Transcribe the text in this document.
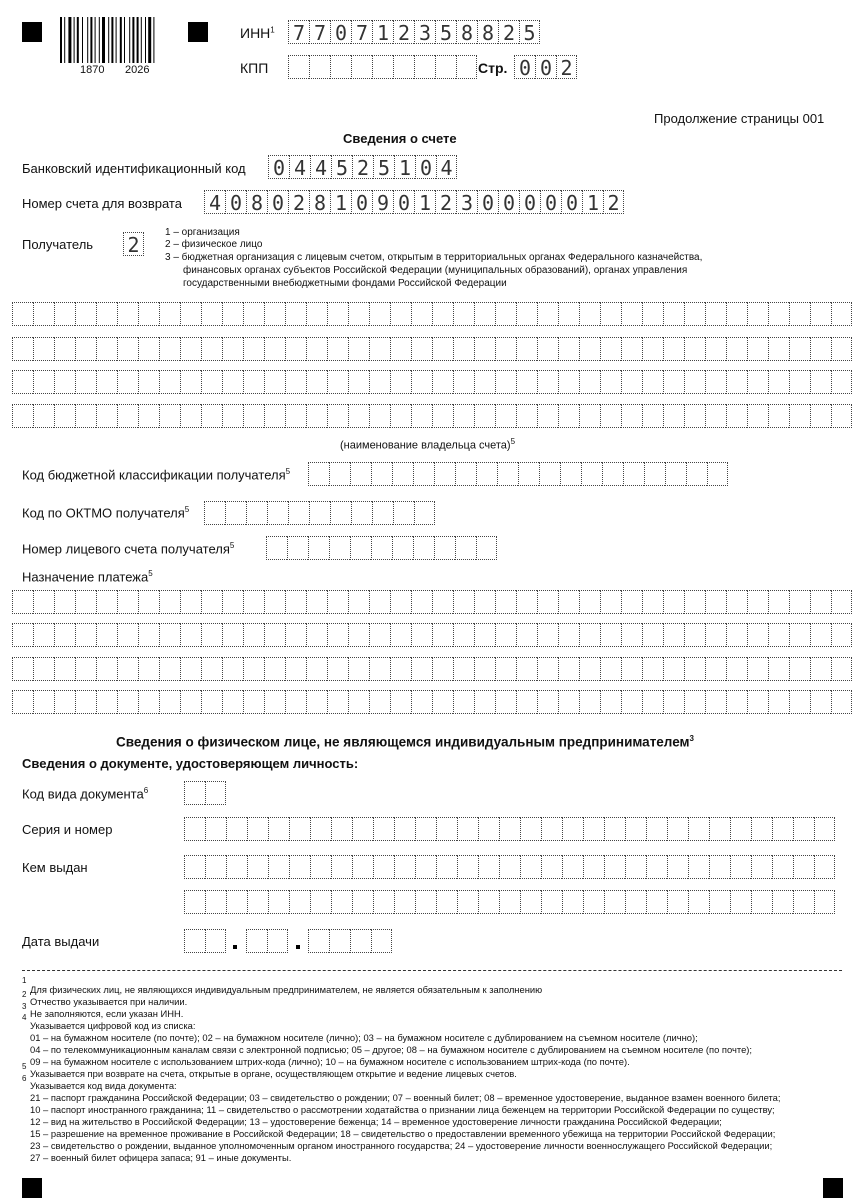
1870 2026
ИНН$^1$ 7 7 0 7 1 2 3 5 8 8 2 5
КПП	Стр. 0 0 2
Продолжение страницы 001
Сведения о счете
Банковский идентификационный код 0 4 4 5 2 5 1 0 4
Номер счета для возврата 4 0 8 0 2 8 1 0 9 0 1 2 3 0 0 0 0 0 1 2
Получатель 2
1 – организация
2 – физическое лицо
3 – бюджетная организация с лицевым счетом, открытым в территориальных органах Федерального казначейства,
финансовых органах субъектов Российской Федерации (муниципальных образований), органах управления
государственными внебюджетными фондами Российской Федерации
(наименование владельца счета)$^5$
Код бюджетной классификации получателя$^5$
Код по ОКТМО получателя$^5$
Номер лицевого счета получателя$^5$
Назначение платежа$^5$
Сведения о физическом лице, не являющемся индивидуальным предпринимателем$^3$
Сведения о документе, удостоверяющем личность:
Код вида документа$^6$
Серия и номер
Кем выдан
Дата выдачи
1
Для физических лиц, не являющихся индивидуальным предпринимателем, не является обязательным к заполнению
2
Отчество указывается при наличии.
3
Не заполняются, если указан ИНН.
4
Указывается цифровой код из списка:
01 – на бумажном носителе (по почте); 02 – на бумажном носителе (лично); 03 – на бумажном носителе с дублированием на съемном носителе (лично);
04 – по телекоммуникационным каналам связи с электронной подписью; 05 – другое; 08 – на бумажном носителе с дублированием на съемном носителе (по почте);
5 09 – на бумажном носителе с использованием штрих-кода (лично); 10 – на бумажном носителе с использованием штрих-кода (по почте).
Указывается при возврате на счета, открытые в органе, осуществляющем открытие и ведение лицевых счетов.
6
Указывается код вида документа:
21 – паспорт гражданина Российской Федерации; 03 – свидетельство о рождении; 07 – военный билет; 08 – временное удостоверение, выданное взамен военного билета;
10 – паспорт иностранного гражданина; 11 – свидетельство о рассмотрении ходатайства о признании лица беженцем на территории Российской Федерации по существу;
12 – вид на жительство в Российской Федерации; 13 – удостоверение беженца; 14 – временное удостоверение личности гражданина Российской Федерации;
15 – разрешение на временное проживание в Российской Федерации; 18 – свидетельство о предоставлении временного убежища на территории Российской Федерации;
23 – свидетельство о рождении, выданное уполномоченным органом иностранного государства; 24 – удостоверение личности военнослужащего Российской Федерации;
27 – военный билет офицера запаса; 91 – иные документы.
